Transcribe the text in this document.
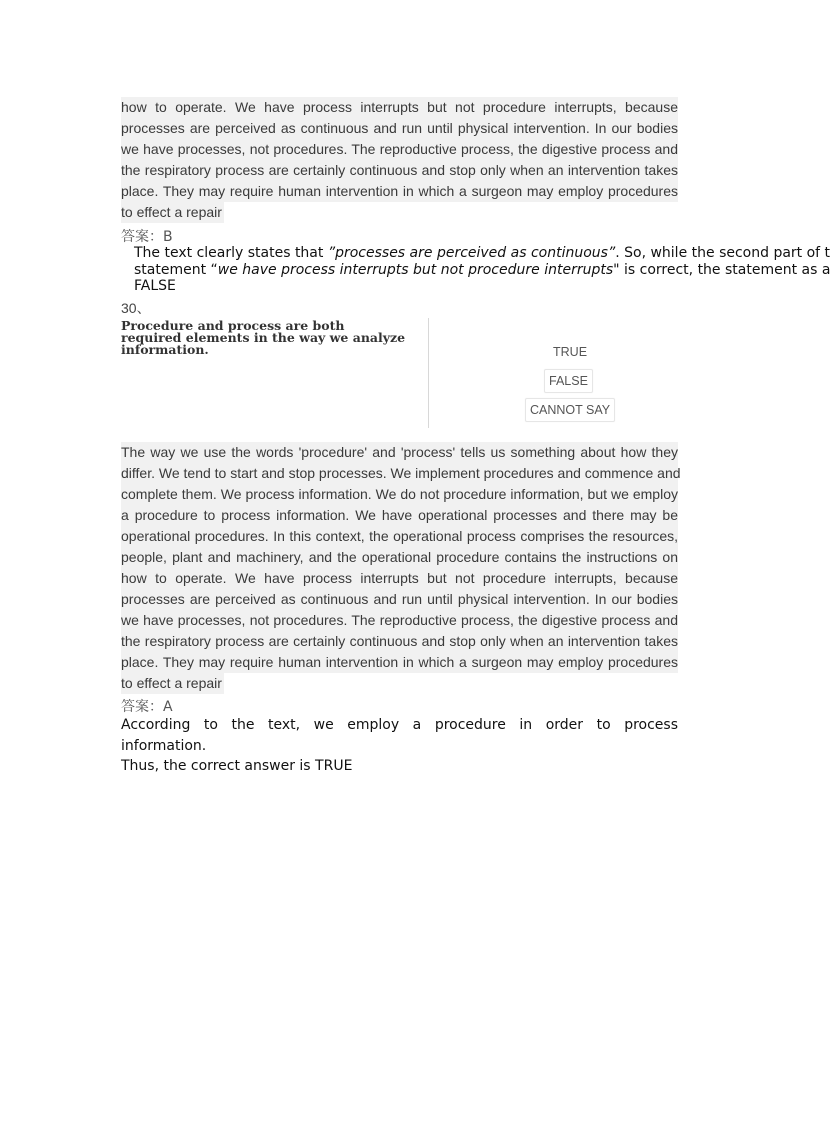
how to operate. We have process interrupts but not procedure interrupts, because
processes are perceived as continuous and run until physical intervention. In our bodies
we have processes, not procedures. The reproductive process, the digestive process and
the respiratory process are certainly continuous and stop only when an intervention takes
place. They may require human intervention in which a surgeon may employ procedures
to effect a repair
答案：B
The text clearly states that ”processes are perceived as continuous”. So, while the second part of t
statement “we have process interrupts but not procedure interrupts" is correct, the statement as a
FALSE
30、
Procedure and process are both required elements in the way we analyze information.	TRUE
FALSE
CANNOT SAY
The way we use the words 'procedure' and 'process' tells us something about how they
differ. We tend to start and stop processes. We implement procedures and commence and
complete them. We process information. We do not procedure information, but we employ
a procedure to process information. We have operational processes and there may be
operational procedures. In this context, the operational process comprises the resources,
people, plant and machinery, and the operational procedure contains the instructions on
how to operate. We have process interrupts but not procedure interrupts, because
processes are perceived as continuous and run until physical intervention. In our bodies
we have processes, not procedures. The reproductive process, the digestive process and
the respiratory process are certainly continuous and stop only when an intervention takes
place. They may require human intervention in which a surgeon may employ procedures
to effect a repair
答案：A
According to the text, we employ a procedure in order to process
information.
Thus, the correct answer is TRUE
